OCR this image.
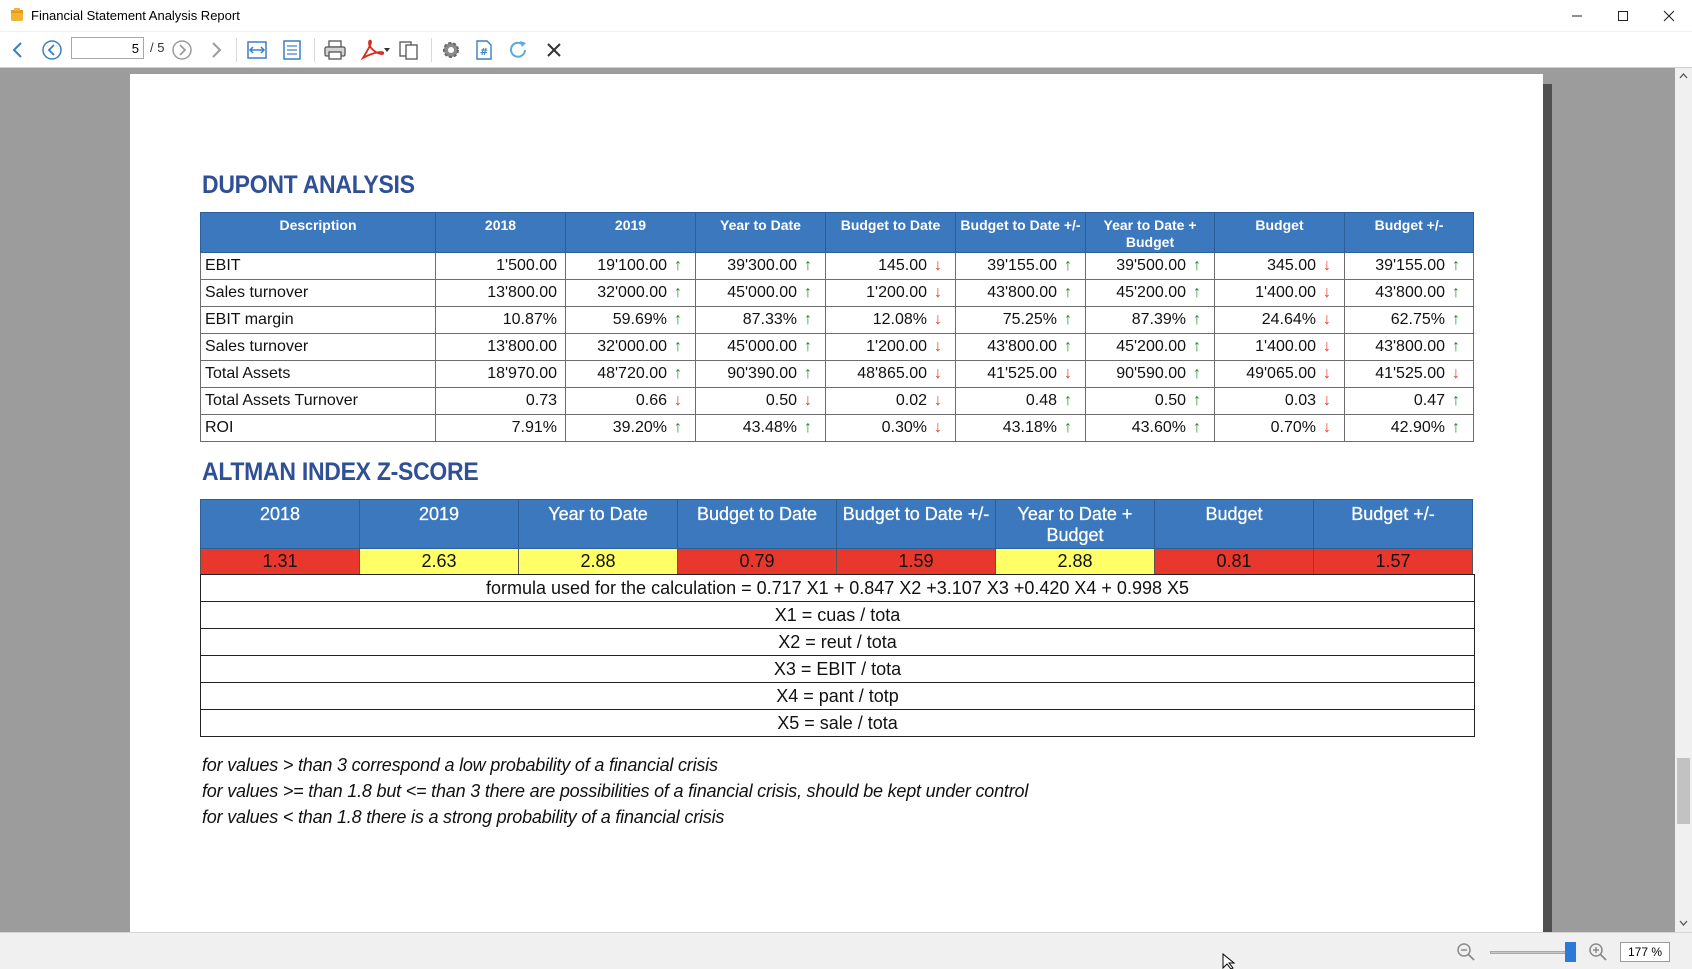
Financial Statement Analysis Report
#
5
/ 5
DUPONT ANALYSIS
Description	2018	2019	Year to Date	Budget to Date	Budget to Date +/-	Year to Date + Budget	Budget	Budget +/-
EBIT	1'500.00	19'100.00 ↑	39'300.00 ↑	145.00 ↓	39'155.00 ↑	39'500.00 ↑	345.00 ↓	39'155.00 ↑
Sales turnover	13'800.00	32'000.00 ↑	45'000.00 ↑	1'200.00 ↓	43'800.00 ↑	45'200.00 ↑	1'400.00 ↓	43'800.00 ↑
EBIT margin	10.87%	59.69% ↑	87.33% ↑	12.08% ↓	75.25% ↑	87.39% ↑	24.64% ↓	62.75% ↑
Sales turnover	13'800.00	32'000.00 ↑	45'000.00 ↑	1'200.00 ↓	43'800.00 ↑	45'200.00 ↑	1'400.00 ↓	43'800.00 ↑
Total Assets	18'970.00	48'720.00 ↑	90'390.00 ↑	48'865.00 ↓	41'525.00 ↓	90'590.00 ↑	49'065.00 ↓	41'525.00 ↓
Total Assets Turnover	0.73	0.66 ↓	0.50 ↓	0.02 ↓	0.48 ↑	0.50 ↑	0.03 ↓	0.47 ↑
ROI	7.91%	39.20% ↑	43.48% ↑	0.30% ↓	43.18% ↑	43.60% ↑	0.70% ↓	42.90% ↑
ALTMAN INDEX Z-SCORE
2018	2019	Year to Date	Budget to Date	Budget to Date +/-	Year to Date + Budget	Budget	Budget +/-
1.31	2.63	2.88	0.79	1.59	2.88	0.81	1.57
formula used for the calculation = 0.717 X1 + 0.847 X2 +3.107 X3 +0.420 X4 + 0.998 X5
X1 = cuas / tota
X2 = reut / tota
X3 = EBIT / tota
X4 = pant / totp
X5 = sale / tota
for values > than 3 correspond a low probability of a financial crisis
for values >= than 1.8 but <= than 3 there are possibilities of a financial crisis, should be kept under control
for values < than 1.8 there is a strong probability of a financial crisis
177 %
